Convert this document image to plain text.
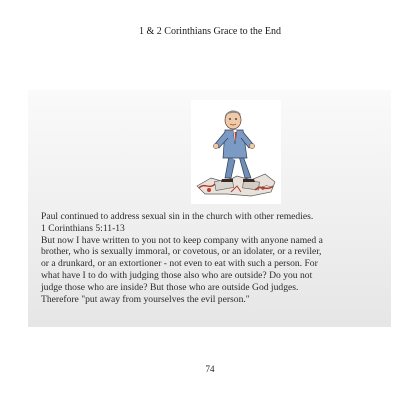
1 & 2 Corinthians Grace to the End
Paul continued to address sexual sin in the church with other remedies.
1 Corinthians 5:11-13
But now I have written to you not to keep company with anyone named a
brother, who is sexually immoral, or covetous, or an idolater, or a reviler,
or a drunkard, or an extortioner - not even to eat with such a person. For
what have I to do with judging those also who are outside? Do you not
judge those who are inside? But those who are outside God judges.
Therefore "put away from yourselves the evil person."
74
